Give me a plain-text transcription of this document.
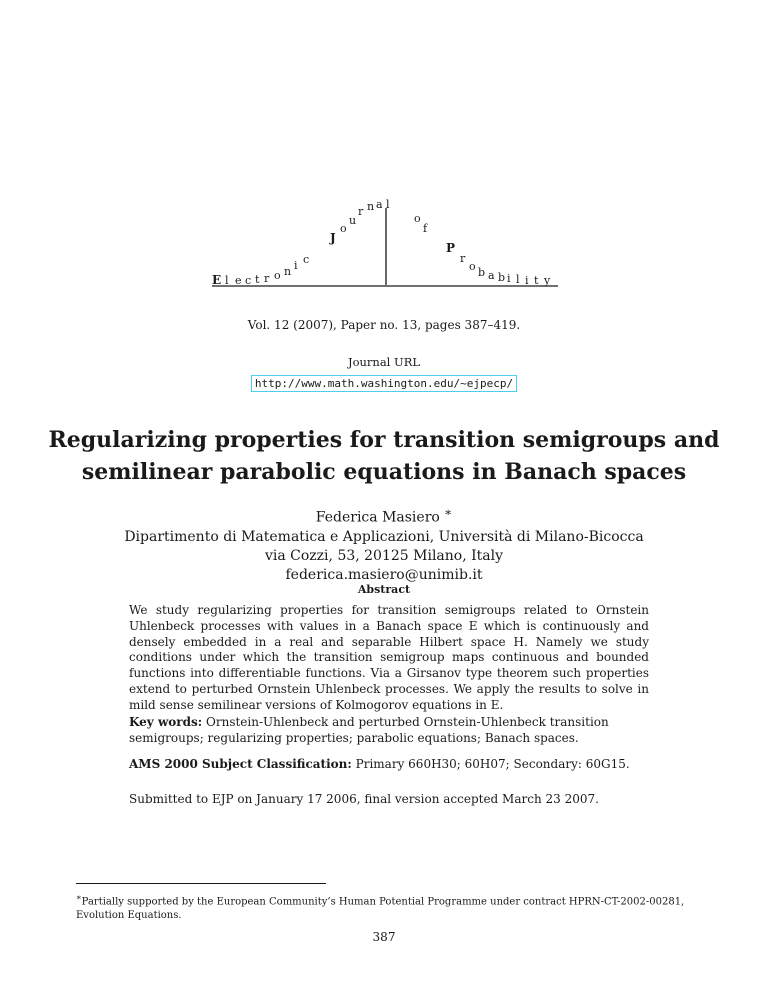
E l e c t r o n i c
J
o
u
r n a l
o
f
P
r
o b a b i l i t y
Vol. 12 (2007), Paper no. 13, pages 387–419.
Journal URL
http://www.math.washington.edu/~ejpecp/
Regularizing properties for transition semigroups and
semilinear parabolic equations in Banach spaces
Federica Masiero ∗
Dipartimento di Matematica e Applicazioni, Università di Milano-Bicocca
via Cozzi, 53, 20125 Milano, Italy
federica.masiero@unimib.it
Abstract

We study regularizing properties for transition semigroups related to Ornstein Uhlenbeck processes with values in a Banach space E which is continuously and densely embedded in a real and separable Hilbert space H. Namely we study conditions under which the transition semigroup maps continuous and bounded functions into differentiable functions. Via a Girsanov type theorem such properties extend to perturbed Ornstein Uhlenbeck processes. We apply the results to solve in mild sense semilinear versions of Kolmogorov equations in E.

Key words: Ornstein-Uhlenbeck and perturbed Ornstein-Uhlenbeck transition semigroups; regularizing properties; parabolic equations; Banach spaces.

AMS 2000 Subject Classification: Primary 660H30; 60H07; Secondary: 60G15.

Submitted to EJP on January 17 2006, final version accepted March 23 2007.

∗Partially supported by the European Community’s Human Potential Programme under contract HPRN-CT-2002-00281, Evolution Equations.

387
